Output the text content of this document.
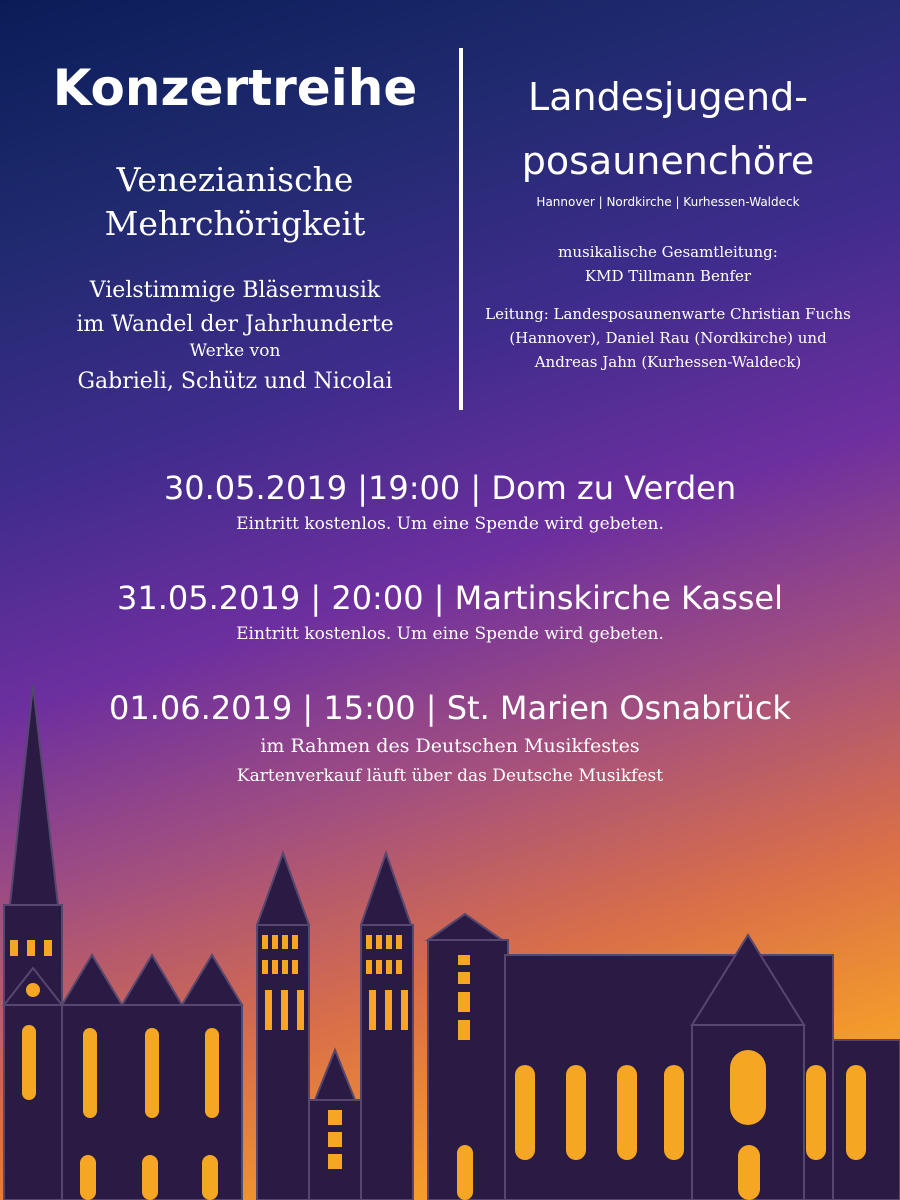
Konzertreihe
Venezianische
Mehrchörigkeit
Vielstimmige Bläsermusik
im Wandel der Jahrhunderte
Werke von
Gabrieli, Schütz und Nicolai
Landesjugend-
posaunenchöre
Hannover | Nordkirche | Kurhessen-Waldeck
musikalische Gesamtleitung:
KMD Tillmann Benfer
Leitung: Landesposaunenwarte Christian Fuchs (Hannover), Daniel Rau (Nordkirche) und Andreas Jahn (Kurhessen-Waldeck)
30.05.2019 |19:00 | Dom zu Verden
Eintritt kostenlos. Um eine Spende wird gebeten.
31.05.2019 | 20:00 | Martinskirche Kassel
Eintritt kostenlos. Um eine Spende wird gebeten.
01.06.2019 | 15:00 | St. Marien Osnabrück
im Rahmen des Deutschen Musikfestes
Kartenverkauf läuft über das Deutsche Musikfest
